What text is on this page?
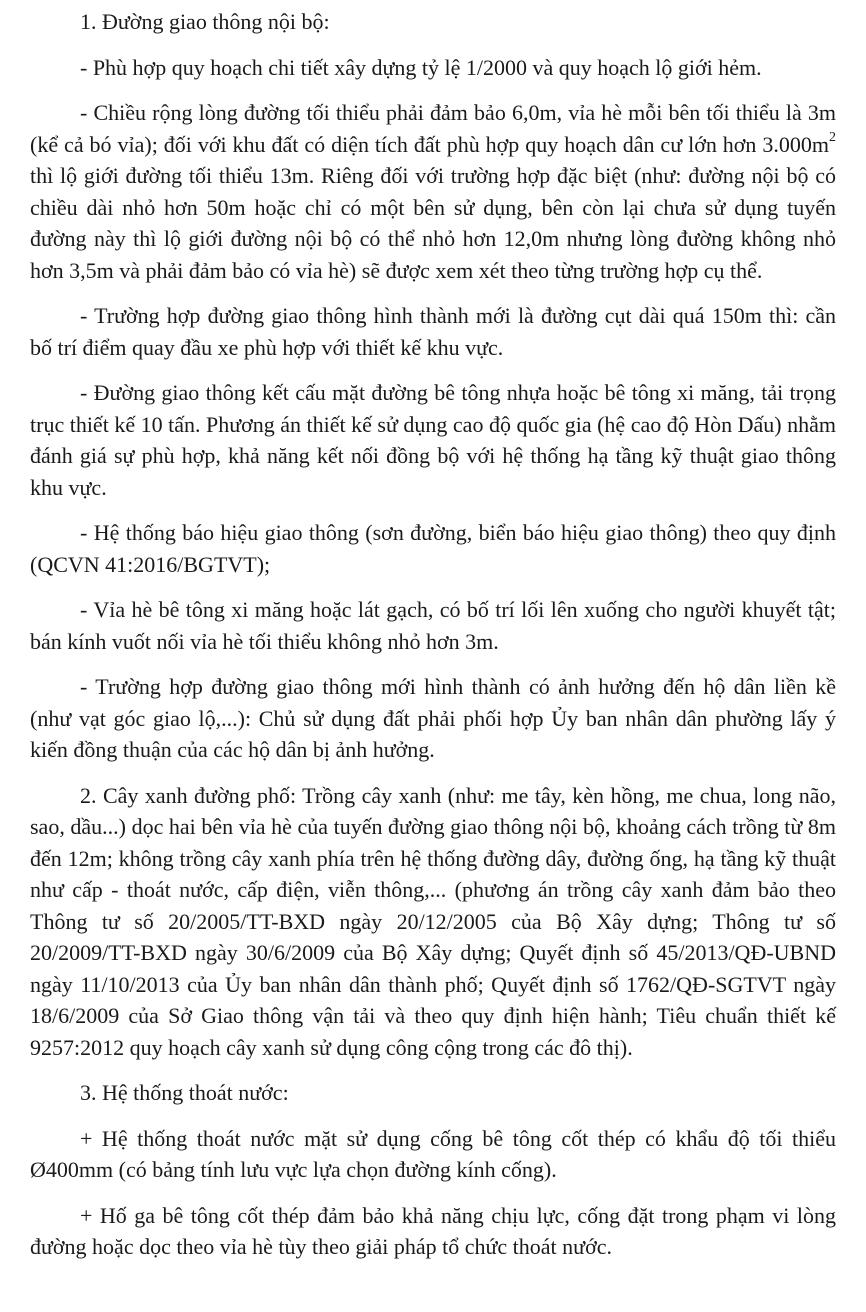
1. Đường giao thông nội bộ:

- Phù hợp quy hoạch chi tiết xây dựng tỷ lệ 1/2000 và quy hoạch lộ giới hẻm.

- Chiều rộng lòng đường tối thiểu phải đảm bảo 6,0m, vỉa hè mỗi bên tối thiểu là 3m (kể cả bó vỉa); đối với khu đất có diện tích đất phù hợp quy hoạch dân cư lớn hơn $3.000m^2$ thì lộ giới đường tối thiểu 13m. Riêng đối với trường hợp đặc biệt (như: đường nội bộ có chiều dài nhỏ hơn 50m hoặc chỉ có một bên sử dụng, bên còn lại chưa sử dụng tuyến đường này thì lộ giới đường nội bộ có thể nhỏ hơn 12,0m nhưng lòng đường không nhỏ hơn 3,5m và phải đảm bảo có vỉa hè) sẽ được xem xét theo từng trường hợp cụ thể.

- Trường hợp đường giao thông hình thành mới là đường cụt dài quá 150m thì: cần bố trí điểm quay đầu xe phù hợp với thiết kế khu vực.

- Đường giao thông kết cấu mặt đường bê tông nhựa hoặc bê tông xi măng, tải trọng trục thiết kế 10 tấn. Phương án thiết kế sử dụng cao độ quốc gia (hệ cao độ Hòn Dấu) nhằm đánh giá sự phù hợp, khả năng kết nối đồng bộ với hệ thống hạ tầng kỹ thuật giao thông khu vực.

- Hệ thống báo hiệu giao thông (sơn đường, biển báo hiệu giao thông) theo quy định (QCVN 41:2016/BGTVT);

- Vỉa hè bê tông xi măng hoặc lát gạch, có bố trí lối lên xuống cho người khuyết tật; bán kính vuốt nối vỉa hè tối thiểu không nhỏ hơn 3m.

- Trường hợp đường giao thông mới hình thành có ảnh hưởng đến hộ dân liền kề (như vạt góc giao lộ,...): Chủ sử dụng đất phải phối hợp Ủy ban nhân dân phường lấy ý kiến đồng thuận của các hộ dân bị ảnh hưởng.

2. Cây xanh đường phố: Trồng cây xanh (như: me tây, kèn hồng, me chua, long não, sao, dầu...) dọc hai bên vỉa hè của tuyến đường giao thông nội bộ, khoảng cách trồng từ 8m đến 12m; không trồng cây xanh phía trên hệ thống đường dây, đường ống, hạ tầng kỹ thuật như cấp - thoát nước, cấp điện, viễn thông,... (phương án trồng cây xanh đảm bảo theo Thông tư số 20/2005/TT-BXD ngày 20/12/2005 của Bộ Xây dựng; Thông tư số 20/2009/TT-BXD ngày 30/6/2009 của Bộ Xây dựng; Quyết định số 45/2013/QĐ-UBND ngày 11/10/2013 của Ủy ban nhân dân thành phố; Quyết định số 1762/QĐ-SGTVT ngày 18/6/2009 của Sở Giao thông vận tải và theo quy định hiện hành; Tiêu chuẩn thiết kế 9257:2012 quy hoạch cây xanh sử dụng công cộng trong các đô thị).

3. Hệ thống thoát nước:

+ Hệ thống thoát nước mặt sử dụng cống bê tông cốt thép có khẩu độ tối thiểu Ø400mm (có bảng tính lưu vực lựa chọn đường kính cống).

+ Hố ga bê tông cốt thép đảm bảo khả năng chịu lực, cống đặt trong phạm vi lòng đường hoặc dọc theo vỉa hè tùy theo giải pháp tổ chức thoát nước.
